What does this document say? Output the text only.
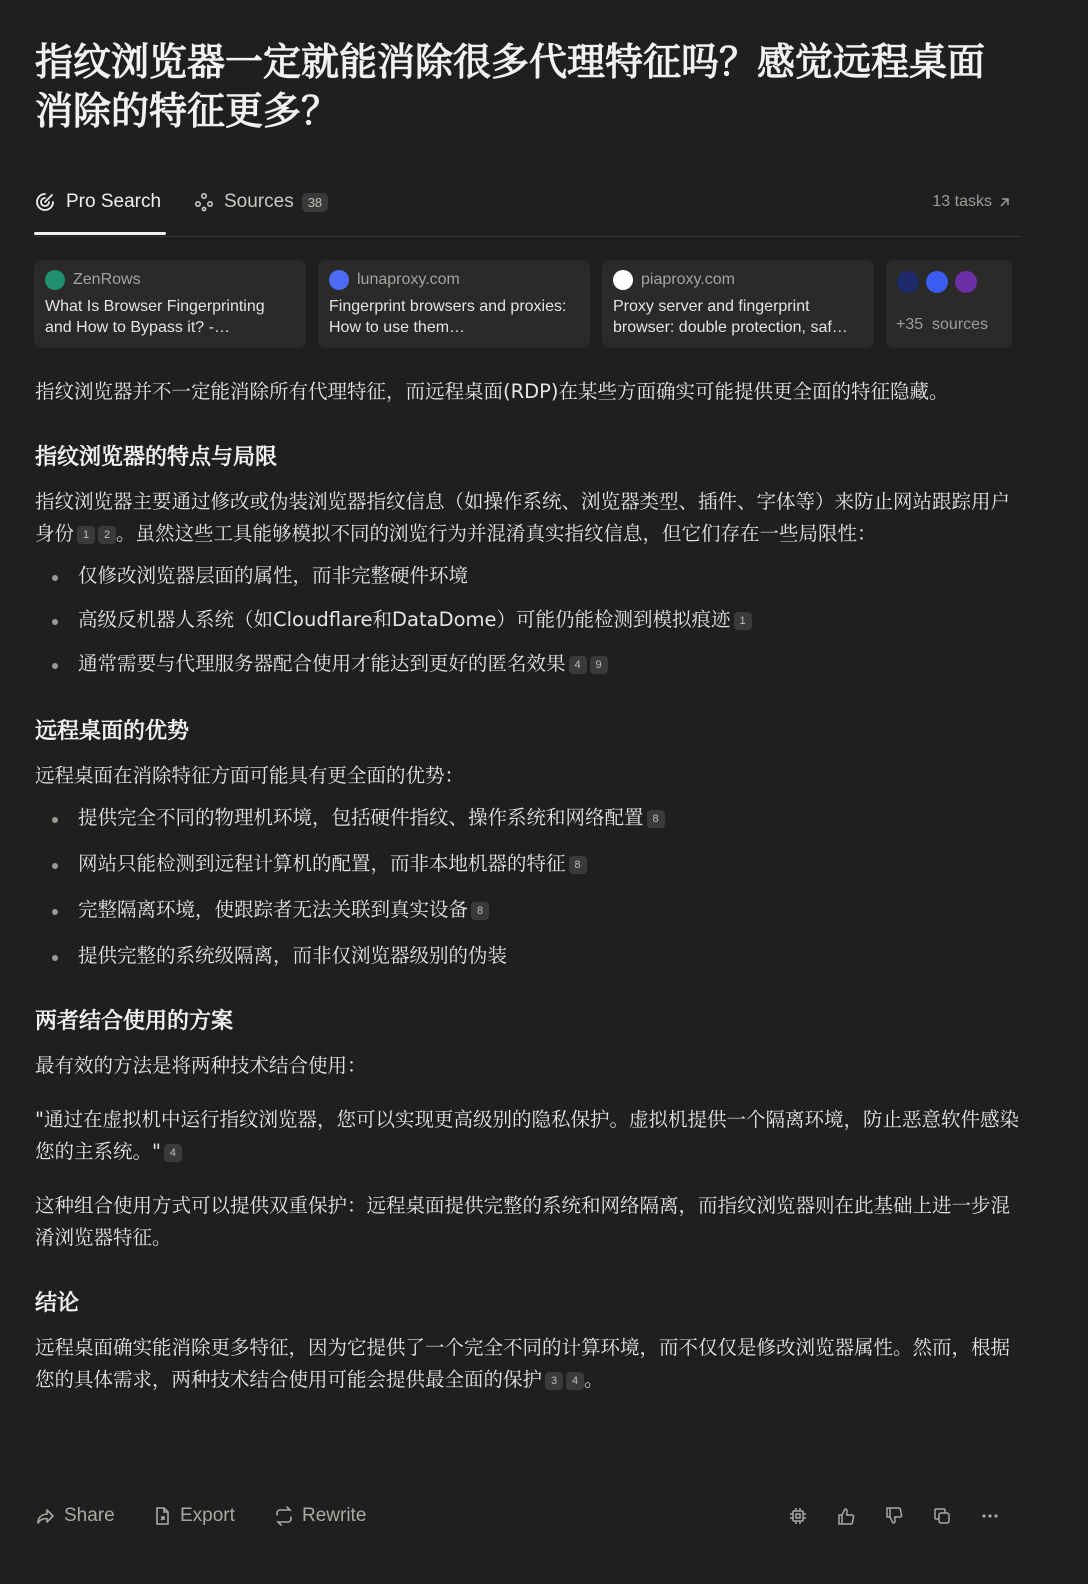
指纹浏览器一定就能消除很多代理特征吗？感觉远程桌面消除的特征更多？
Pro Search	Sources	38	13 tasks
ZenRows
What Is Browser Fingerprinting and How to Bypass it? -…
lunaproxy.com
Fingerprint browsers and proxies: How to use them…
piaproxy.com
Proxy server and fingerprint browser: double protection, saf…	+35 sources

指纹浏览器并不一定能消除所有代理特征，而远程桌面(RDP)在某些方面确实可能提供更全面的特征隐藏。

指纹浏览器的特点与局限

指纹浏览器主要通过修改或伪装浏览器指纹信息（如操作系统、浏览器类型、插件、字体等）来防止网站跟踪用户身份 1 2 。虽然这些工具能够模拟不同的浏览行为并混淆真实指纹信息，但它们存在一些局限性：

仅修改浏览器层面的属性，而非完整硬件环境
高级反机器人系统（如Cloudflare和DataDome）可能仍能检测到模拟痕迹 1
通常需要与代理服务器配合使用才能达到更好的匿名效果 4 9
远程桌面的优势

远程桌面在消除特征方面可能具有更全面的优势：

提供完全不同的物理机环境，包括硬件指纹、操作系统和网络配置 8
网站只能检测到远程计算机的配置，而非本地机器的特征 8
完整隔离环境，使跟踪者无法关联到真实设备 8
提供完整的系统级隔离，而非仅浏览器级别的伪装
两者结合使用的方案

最有效的方法是将两种技术结合使用：

"通过在虚拟机中运行指纹浏览器，您可以实现更高级别的隐私保护。虚拟机提供一个隔离环境，防止恶意软件感染您的主系统。" 4

这种组合使用方式可以提供双重保护：远程桌面提供完整的系统和网络隔离，而指纹浏览器则在此基础上进一步混淆浏览器特征。

结论

远程桌面确实能消除更多特征，因为它提供了一个完全不同的计算环境，而不仅仅是修改浏览器属性。然而，根据您的具体需求，两种技术结合使用可能会提供最全面的保护 3 4 。

Share	Export	Rewrite
